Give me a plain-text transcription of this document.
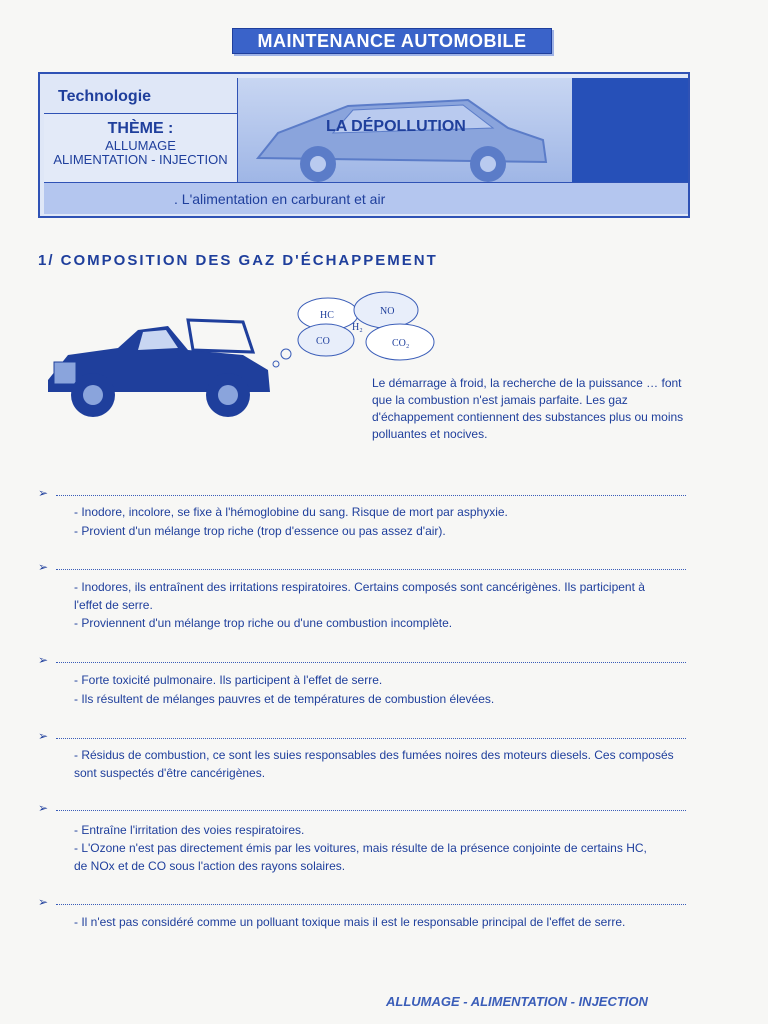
MAINTENANCE AUTOMOBILE
Technologie
THÈME :
ALLUMAGE
ALIMENTATION - INJECTION
LA DÉPOLLUTION
. L'alimentation en carburant et air
1/ COMPOSITION DES GAZ D'ÉCHAPPEMENT
HC	NO
H₂
CO	CO₂
Le démarrage à froid, la recherche de la puissance … font que la combustion n'est jamais parfaite. Les gaz d'échappement contiennent des substances plus ou moins polluantes et nocives.
➢
- Inodore, incolore, se fixe à l'hémoglobine du sang. Risque de mort par asphyxie.
- Provient d'un mélange trop riche (trop d'essence ou pas assez d'air).
➢
- Inodores, ils entraînent des irritations respiratoires. Certains composés sont cancérigènes. Ils participent à
l'effet de serre.
- Proviennent d'un mélange trop riche ou d'une combustion incomplète.
➢
- Forte toxicité pulmonaire. Ils participent à l'effet de serre.
- Ils résultent de mélanges pauvres et de températures de combustion élevées.
➢
- Résidus de combustion, ce sont les suies responsables des fumées noires des moteurs diesels. Ces composés
sont suspectés d'être cancérigènes.
➢
- Entraîne l'irritation des voies respiratoires.
- L'Ozone n'est pas directement émis par les voitures, mais résulte de la présence conjointe de certains HC,
de NOx et de CO sous l'action des rayons solaires.
➢
- Il n'est pas considéré comme un polluant toxique mais il est le responsable principal de l'effet de serre.
ALLUMAGE - ALIMENTATION - INJECTION
